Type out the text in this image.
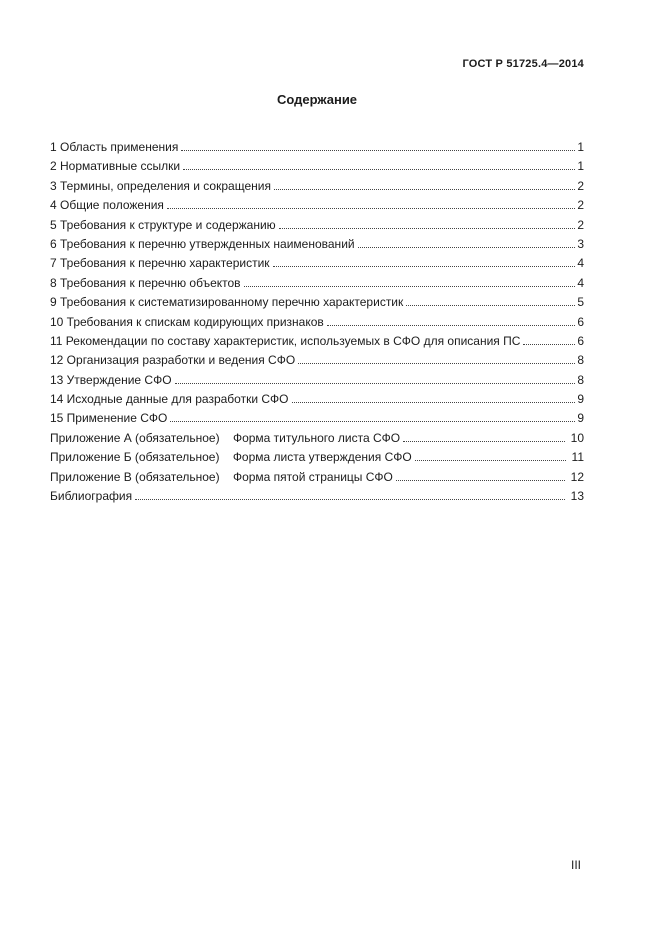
ГОСТ Р 51725.4—2014
Содержание
1 Область применения	1
2 Нормативные ссылки	1
3 Термины, определения и сокращения	2
4 Общие положения	2
5 Требования к структуре и содержанию	2
6 Требования к перечню утвержденных наименований	3
7 Требования к перечню характеристик	4
8 Требования к перечню объектов	4
9 Требования к систематизированному перечню характеристик	5
10 Требования к спискам кодирующих признаков	6
11 Рекомендации по составу характеристик, используемых в СФО для описания ПС	6
12 Организация разработки и ведения СФО	8
13 Утверждение СФО	8
14 Исходные данные для разработки СФО	9
15 Применение СФО	9
Приложение А (обязательное)    Форма титульного листа СФО	10
Приложение Б (обязательное)    Форма листа утверждения СФО	11
Приложение В (обязательное)    Форма пятой страницы СФО	12
Библиография	13
III
